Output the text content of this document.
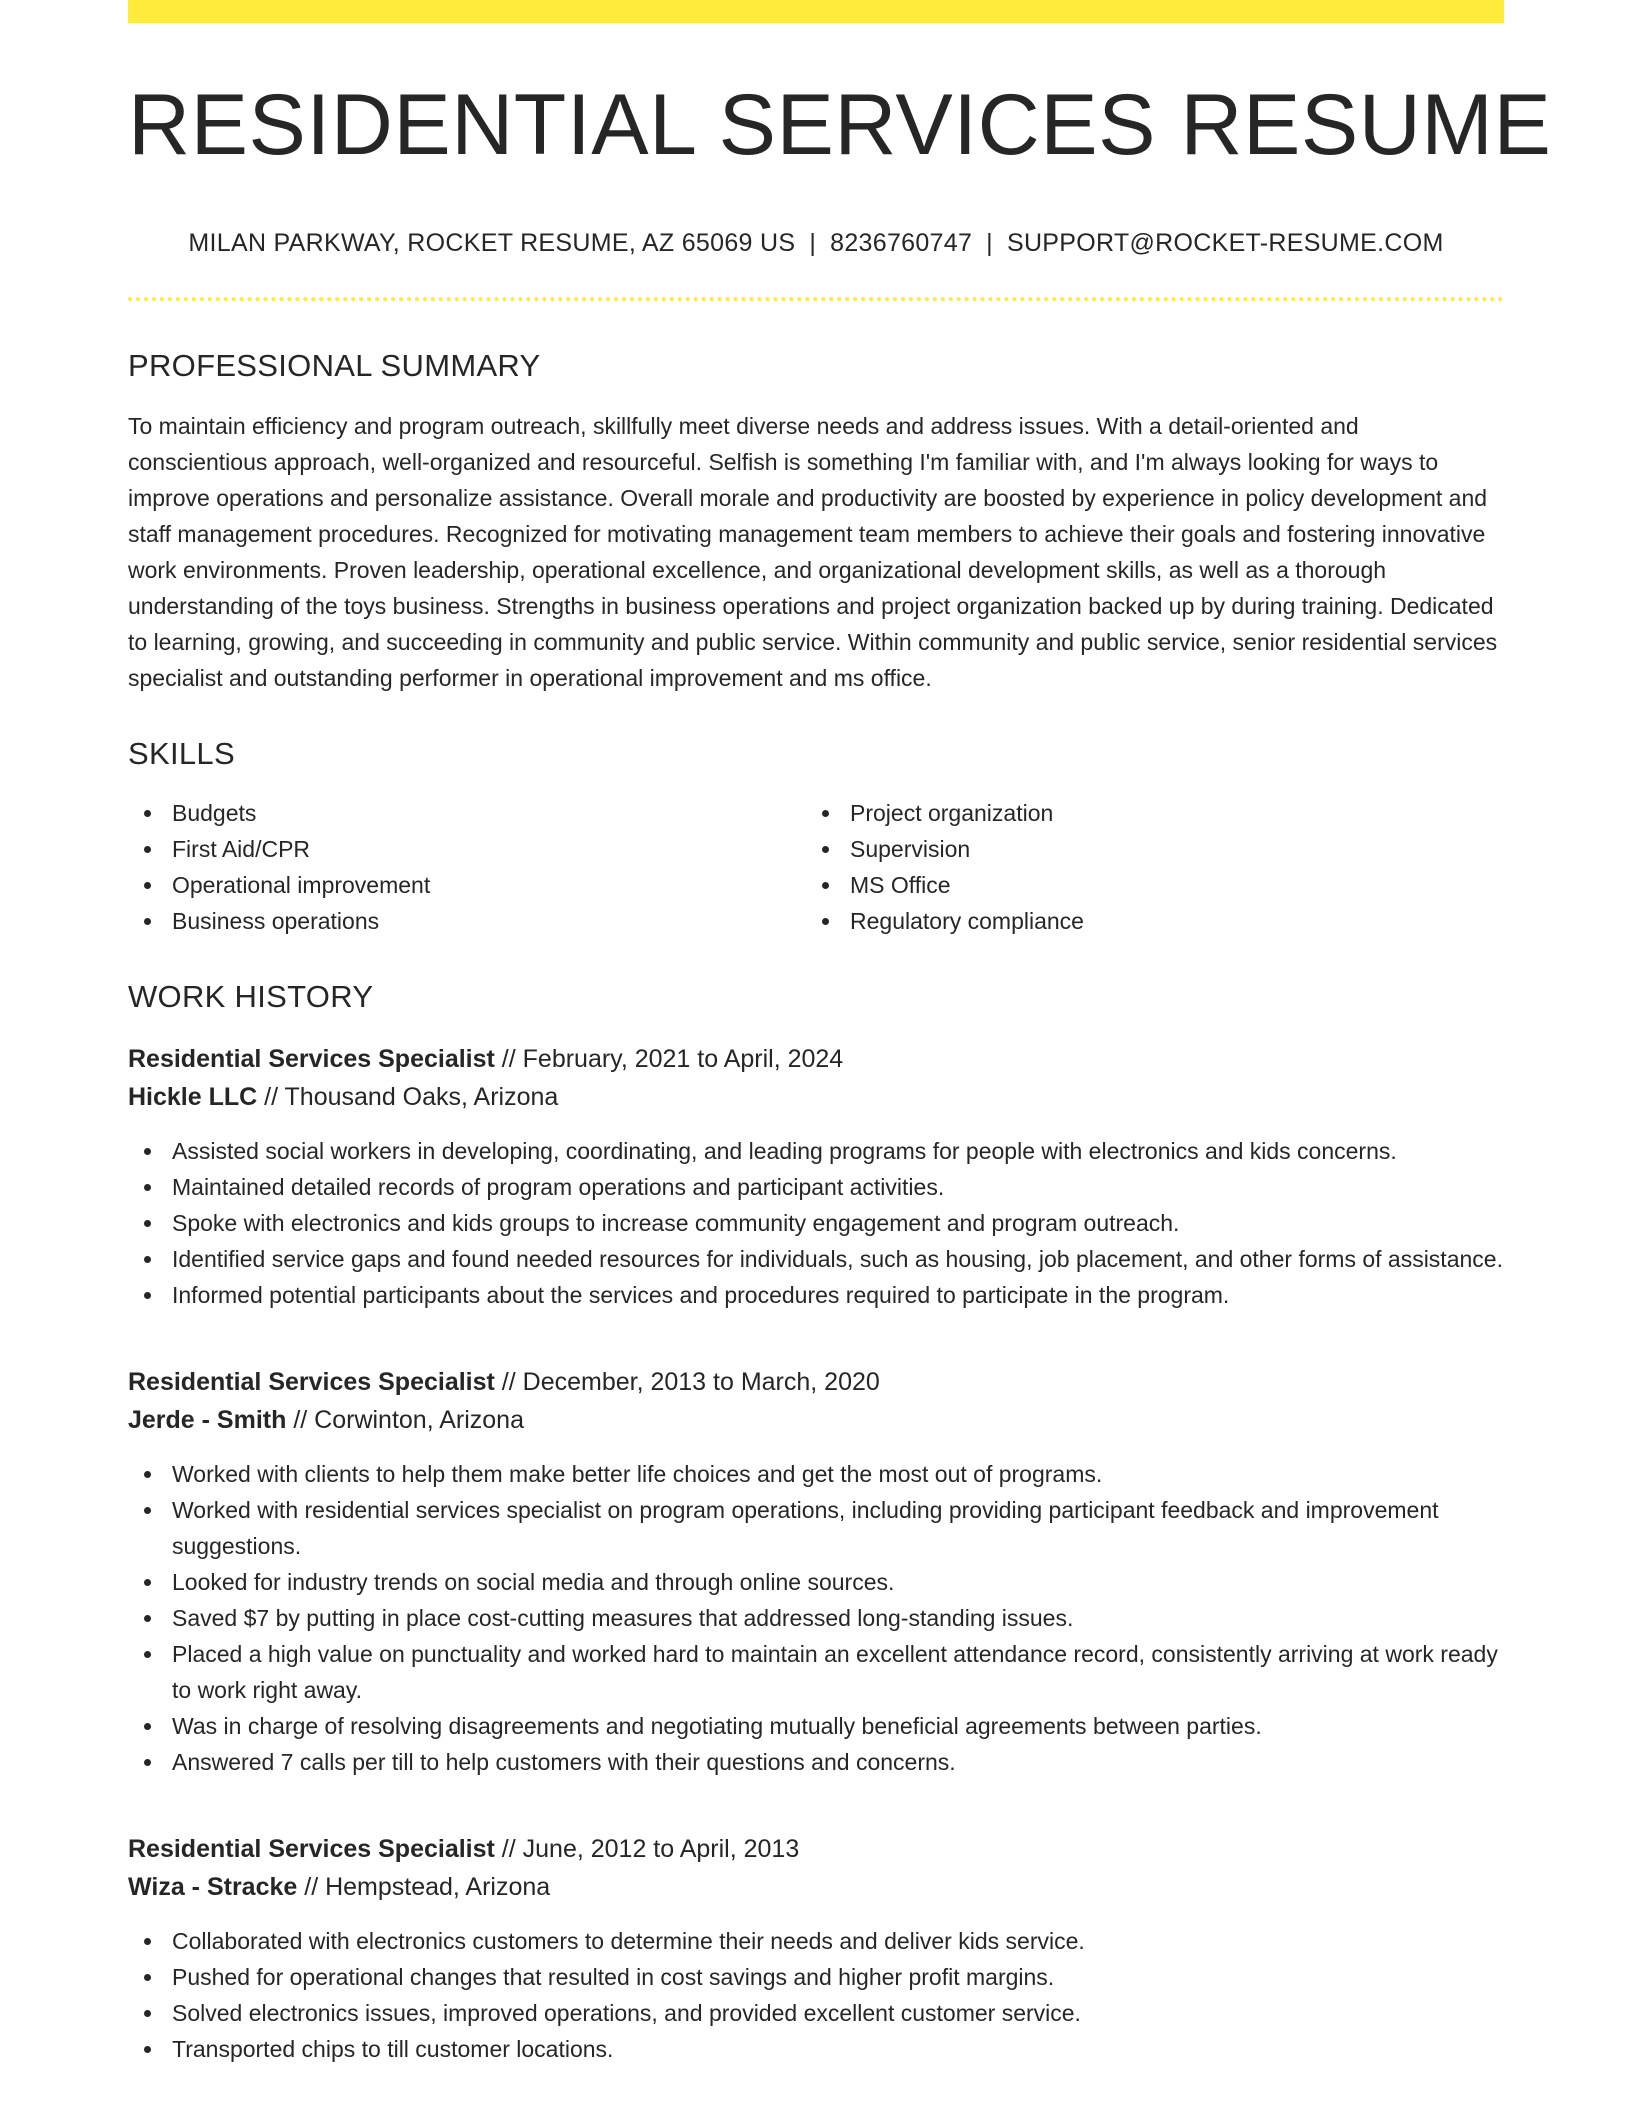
RESIDENTIAL SERVICES RESUME
MILAN PARKWAY, ROCKET RESUME, AZ 65069 US | 8236760747 | SUPPORT@ROCKET-RESUME.COM
PROFESSIONAL SUMMARY

To maintain efficiency and program outreach, skillfully meet diverse needs and address issues. With a detail-oriented and conscientious approach, well-organized and resourceful. Selfish is something I'm familiar with, and I'm always looking for ways to improve operations and personalize assistance. Overall morale and productivity are boosted by experience in policy development and staff management procedures. Recognized for motivating management team members to achieve their goals and fostering innovative work environments. Proven leadership, operational excellence, and organizational development skills, as well as a thorough understanding of the toys business. Strengths in business operations and project organization backed up by during training. Dedicated to learning, growing, and succeeding in community and public service. Within community and public service, senior residential services specialist and outstanding performer in operational improvement and ms office.

SKILLS
Budgets
First Aid/CPR
Operational improvement
Business operations
Project organization
Supervision
MS Office
Regulatory compliance
WORK HISTORY
Residential Services Specialist // February, 2021 to April, 2024
Hickle LLC // Thousand Oaks, Arizona
Assisted social workers in developing, coordinating, and leading programs for people with electronics and kids concerns.
Maintained detailed records of program operations and participant activities.
Spoke with electronics and kids groups to increase community engagement and program outreach.
Identified service gaps and found needed resources for individuals, such as housing, job placement, and other forms of assistance.
Informed potential participants about the services and procedures required to participate in the program.
Residential Services Specialist // December, 2013 to March, 2020
Jerde - Smith // Corwinton, Arizona
Worked with clients to help them make better life choices and get the most out of programs.
Worked with residential services specialist on program operations, including providing participant feedback and improvement suggestions.
Looked for industry trends on social media and through online sources.
Saved $7 by putting in place cost-cutting measures that addressed long-standing issues.
Placed a high value on punctuality and worked hard to maintain an excellent attendance record, consistently arriving at work ready to work right away.
Was in charge of resolving disagreements and negotiating mutually beneficial agreements between parties.
Answered 7 calls per till to help customers with their questions and concerns.
Residential Services Specialist // June, 2012 to April, 2013
Wiza - Stracke // Hempstead, Arizona
Collaborated with electronics customers to determine their needs and deliver kids service.
Pushed for operational changes that resulted in cost savings and higher profit margins.
Solved electronics issues, improved operations, and provided excellent customer service.
Transported chips to till customer locations.
